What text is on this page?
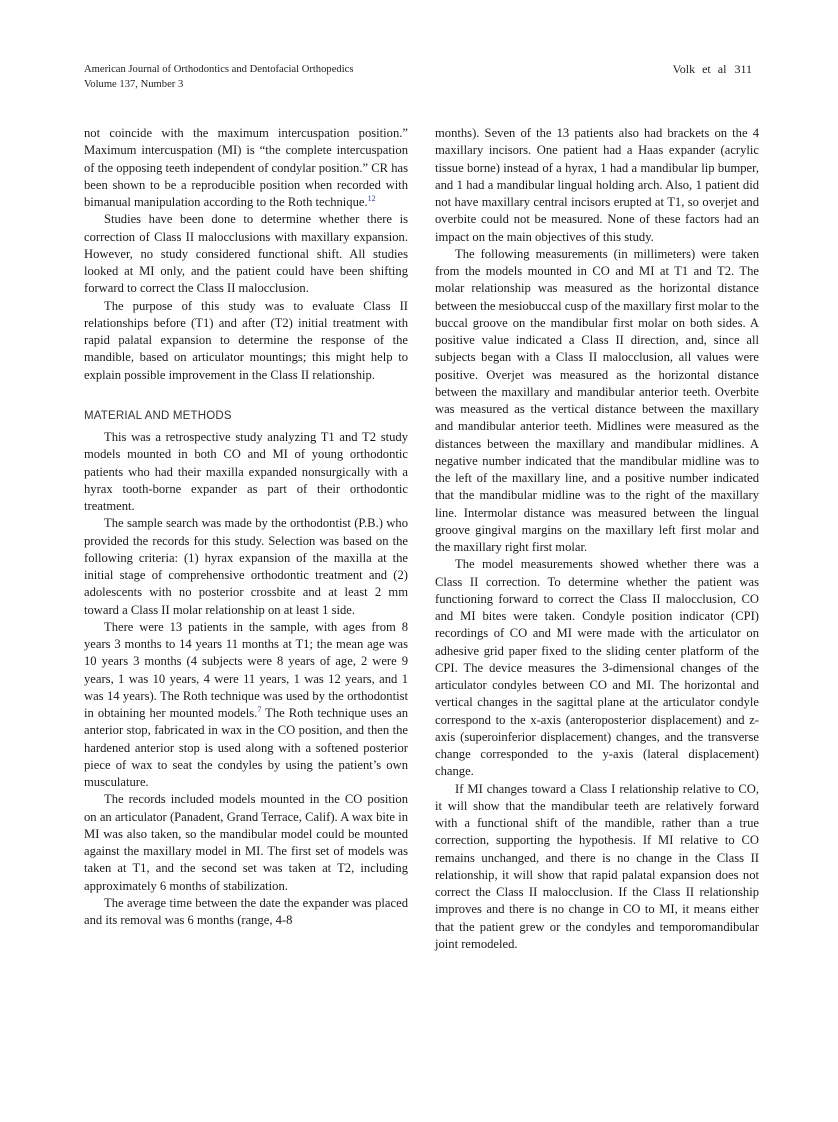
American Journal of Orthodontics and Dentofacial Orthopedics
Volume 137, Number 3
Volk et al 311

not coincide with the maximum intercuspation position.” Maximum intercuspation (MI) is “the complete intercuspation of the opposing teeth independent of condylar position.” CR has been shown to be a reproducible position when recorded with bimanual manipulation according to the Roth technique.$^{12}$

Studies have been done to determine whether there is correction of Class II malocclusions with maxillary expansion. However, no study considered functional shift. All studies looked at MI only, and the patient could have been shifting forward to correct the Class II malocclusion.

The purpose of this study was to evaluate Class II relationships before (T1) and after (T2) initial treatment with rapid palatal expansion to determine the response of the mandible, based on articulator mountings; this might help to explain possible improvement in the Class II relationship.

MATERIAL AND METHODS

This was a retrospective study analyzing T1 and T2 study models mounted in both CO and MI of young orthodontic patients who had their maxilla expanded nonsurgically with a hyrax tooth-borne expander as part of their orthodontic treatment.

The sample search was made by the orthodontist (P.B.) who provided the records for this study. Selection was based on the following criteria: (1) hyrax expansion of the maxilla at the initial stage of comprehensive orthodontic treatment and (2) adolescents with no posterior crossbite and at least 2 mm toward a Class II molar relationship on at least 1 side.

There were 13 patients in the sample, with ages from 8 years 3 months to 14 years 11 months at T1; the mean age was 10 years 3 months (4 subjects were 8 years of age, 2 were 9 years, 1 was 10 years, 4 were 11 years, 1 was 12 years, and 1 was 14 years). The Roth technique was used by the orthodontist in obtaining her mounted models.$^7$ The Roth technique uses an anterior stop, fabricated in wax in the CO position, and then the hardened anterior stop is used along with a softened posterior piece of wax to seat the condyles by using the patient’s own musculature.

The records included models mounted in the CO position on an articulator (Panadent, Grand Terrace, Calif). A wax bite in MI was also taken, so the mandibular model could be mounted against the maxillary model in MI. The first set of models was taken at T1, and the second set was taken at T2, including approximately 6 months of stabilization.

The average time between the date the expander was placed and its removal was 6 months (range, 4-8

months). Seven of the 13 patients also had brackets on the 4 maxillary incisors. One patient had a Haas expander (acrylic tissue borne) instead of a hyrax, 1 had a mandibular lip bumper, and 1 had a mandibular lingual holding arch. Also, 1 patient did not have maxillary central incisors erupted at T1, so overjet and overbite could not be measured. None of these factors had an impact on the main objectives of this study.

The following measurements (in millimeters) were taken from the models mounted in CO and MI at T1 and T2. The molar relationship was measured as the horizontal distance between the mesiobuccal cusp of the maxillary first molar to the buccal groove on the mandibular first molar on both sides. A positive value indicated a Class II direction, and, since all subjects began with a Class II malocclusion, all values were positive. Overjet was measured as the horizontal distance between the maxillary and mandibular anterior teeth. Overbite was measured as the vertical distance between the maxillary and mandibular anterior teeth. Midlines were measured as the distances between the maxillary and mandibular midlines. A negative number indicated that the mandibular midline was to the left of the maxillary line, and a positive number indicated that the mandibular midline was to the right of the maxillary line. Intermolar distance was measured between the lingual groove gingival margins on the maxillary left first molar and the maxillary right first molar.

The model measurements showed whether there was a Class II correction. To determine whether the patient was functioning forward to correct the Class II malocclusion, CO and MI bites were taken. Condyle position indicator (CPI) recordings of CO and MI were made with the articulator on adhesive grid paper fixed to the sliding center platform of the CPI. The device measures the 3-dimensional changes of the articulator condyles between CO and MI. The horizontal and vertical changes in the sagittal plane at the articulator condyle correspond to the x-axis (anteroposterior displacement) and z-axis (superoinferior displacement) changes, and the transverse change corresponded to the y-axis (lateral displacement) change.

If MI changes toward a Class I relationship relative to CO, it will show that the mandibular teeth are relatively forward with a functional shift of the mandible, rather than a true correction, supporting the hypothesis. If MI relative to CO remains unchanged, and there is no change in the Class II relationship, it will show that rapid palatal expansion does not correct the Class II malocclusion. If the Class II relationship improves and there is no change in CO to MI, it means either that the patient grew or the condyles and temporomandibular joint remodeled.
